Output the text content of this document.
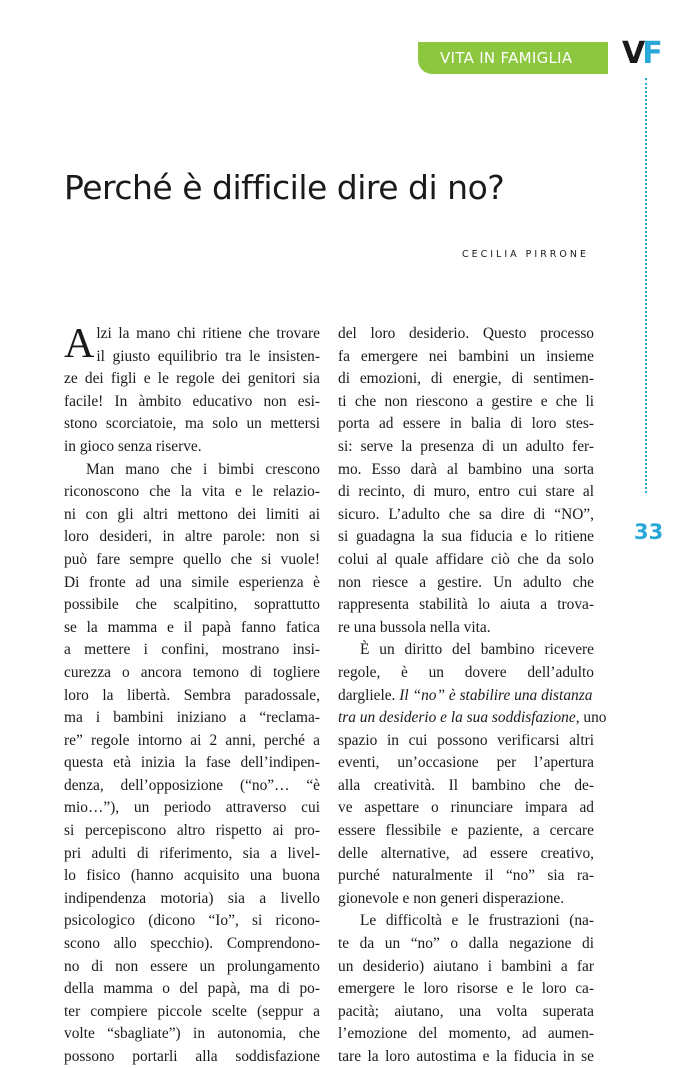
VITA IN FAMIGLIA VF
33
Perché è difficile dire di no?
CECILIA PIRRONE
A lzi la mano chi ritiene che trovare
il giusto equilibrio tra le insisten-
ze dei figli e le regole dei genitori sia
facile! In àmbito educativo non esi-
stono scorciatoie, ma solo un mettersi
in gioco senza riserve.
Man mano che i bimbi crescono
riconoscono che la vita e le relazio-
ni con gli altri mettono dei limiti ai
loro desideri, in altre parole: non si
può fare sempre quello che si vuole!
Di fronte ad una simile esperienza è
possibile che scalpitino, soprattutto
se la mamma e il papà fanno fatica
a mettere i confini, mostrano insi-
curezza o ancora temono di togliere
loro la libertà. Sembra paradossale,
ma i bambini iniziano a “reclama-
re” regole intorno ai 2 anni, perché a
questa età inizia la fase dell’indipen-
denza, dell’opposizione (“no”… “è
mio…”), un periodo attraverso cui
si percepiscono altro rispetto ai pro-
pri adulti di riferimento, sia a livel-
lo fisico (hanno acquisito una buona
indipendenza motoria) sia a livello
psicologico (dicono “Io”, si ricono-
scono allo specchio). Comprendono-
no di non essere un prolungamento
della mamma o del papà, ma di po-
ter compiere piccole scelte (seppur a
volte “sbagliate”) in autonomia, che
possono portarli alla soddisfazione
del loro desiderio. Questo processo
fa emergere nei bambini un insieme
di emozioni, di energie, di sentimen-
ti che non riescono a gestire e che li
porta ad essere in balia di loro stes-
si: serve la presenza di un adulto fer-
mo. Esso darà al bambino una sorta
di recinto, di muro, entro cui stare al
sicuro. L’adulto che sa dire di “NO”,
si guadagna la sua fiducia e lo ritiene
colui al quale affidare ciò che da solo
non riesce a gestire. Un adulto che
rappresenta stabilità lo aiuta a trova-
re una bussola nella vita.
È un diritto del bambino ricevere
regole, è un dovere dell’adulto
dargliele. Il “no” è stabilire una distanza
tra un desiderio e la sua soddisfazione, uno
spazio in cui possono verificarsi altri
eventi, un’occasione per l’apertura
alla creatività. Il bambino che de-
ve aspettare o rinunciare impara ad
essere flessibile e paziente, a cercare
delle alternative, ad essere creativo,
purché naturalmente il “no” sia ra-
gionevole e non generi disperazione.
Le difficoltà e le frustrazioni (na-
te da un “no” o dalla negazione di
un desiderio) aiutano i bambini a far
emergere le loro risorse e le loro ca-
pacità; aiutano, una volta superata
l’emozione del momento, ad aumen-
tare la loro autostima e la fiducia in se
